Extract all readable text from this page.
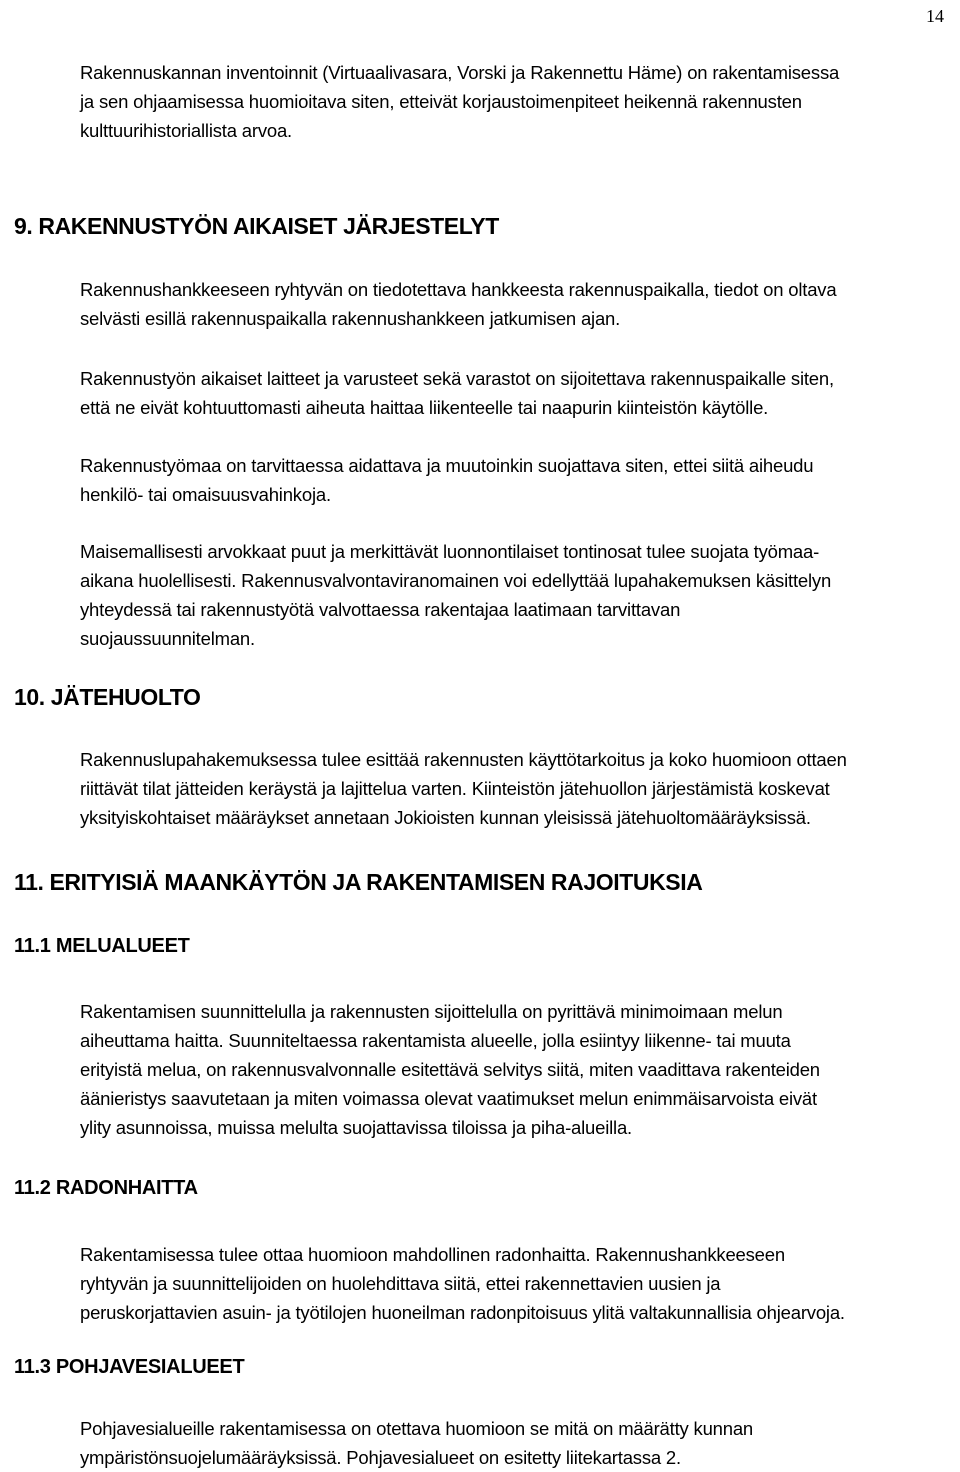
14
Rakennuskannan inventoinnit (Virtuaalivasara, Vorski ja Rakennettu Häme) on rakentamisessa
ja sen ohjaamisessa huomioitava siten, etteivät korjaustoimenpiteet heikennä rakennusten
kulttuurihistoriallista arvoa.
9. RAKENNUSTYÖN AIKAISET JÄRJESTELYT
Rakennushankkeeseen ryhtyvän on tiedotettava hankkeesta rakennuspaikalla, tiedot on oltava
selvästi esillä rakennuspaikalla rakennushankkeen jatkumisen ajan.
Rakennustyön aikaiset laitteet ja varusteet sekä varastot on sijoitettava rakennuspaikalle siten,
että ne eivät kohtuuttomasti aiheuta haittaa liikenteelle tai naapurin kiinteistön käytölle.
Rakennustyömaa on tarvittaessa aidattava ja muutoinkin suojattava siten, ettei siitä aiheudu
henkilö- tai omaisuusvahinkoja.
Maisemallisesti arvokkaat puut ja merkittävät luonnontilaiset tontinosat tulee suojata työmaa-
aikana huolellisesti. Rakennusvalvontaviranomainen voi edellyttää lupahakemuksen käsittelyn
yhteydessä tai rakennustyötä valvottaessa rakentajaa laatimaan tarvittavan
suojaussuunnitelman.
10. JÄTEHUOLTO
Rakennuslupahakemuksessa tulee esittää rakennusten käyttötarkoitus ja koko huomioon ottaen
riittävät tilat jätteiden keräystä ja lajittelua varten. Kiinteistön jätehuollon järjestämistä koskevat
yksityiskohtaiset määräykset annetaan Jokioisten kunnan yleisissä jätehuoltomääräyksissä.
11. ERITYISIÄ MAANKÄYTÖN JA RAKENTAMISEN RAJOITUKSIA
11.1 MELUALUEET
Rakentamisen suunnittelulla ja rakennusten sijoittelulla on pyrittävä minimoimaan melun
aiheuttama haitta. Suunniteltaessa rakentamista alueelle, jolla esiintyy liikenne- tai muuta
erityistä melua, on rakennusvalvonnalle esitettävä selvitys siitä, miten vaadittava rakenteiden
äänieristys saavutetaan ja miten voimassa olevat vaatimukset melun enimmäisarvoista eivät
ylity asunnoissa, muissa melulta suojattavissa tiloissa ja piha-alueilla.
11.2 RADONHAITTA
Rakentamisessa tulee ottaa huomioon mahdollinen radonhaitta. Rakennushankkeeseen
ryhtyvän ja suunnittelijoiden on huolehdittava siitä, ettei rakennettavien uusien ja
peruskorjattavien asuin- ja työtilojen huoneilman radonpitoisuus ylitä valtakunnallisia ohjearvoja.
11.3 POHJAVESIALUEET
Pohjavesialueille rakentamisessa on otettava huomioon se mitä on määrätty kunnan
ympäristönsuojelumääräyksissä. Pohjavesialueet on esitetty liitekartassa 2.
